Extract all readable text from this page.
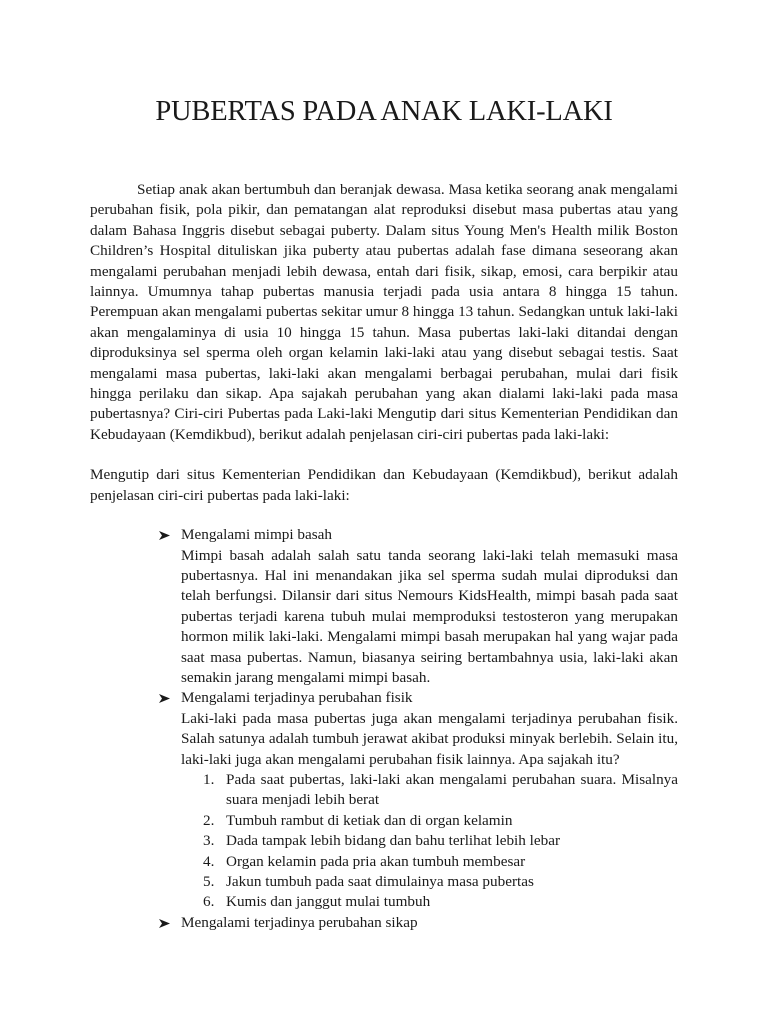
PUBERTAS PADA ANAK LAKI-LAKI

Setiap anak akan bertumbuh dan beranjak dewasa. Masa ketika seorang anak mengalami perubahan fisik, pola pikir, dan pematangan alat reproduksi disebut masa pubertas atau yang dalam Bahasa Inggris disebut sebagai puberty. Dalam situs Young Men's Health milik Boston Children’s Hospital dituliskan jika puberty atau pubertas adalah fase dimana seseorang akan mengalami perubahan menjadi lebih dewasa, entah dari fisik, sikap, emosi, cara berpikir atau lainnya. Umumnya tahap pubertas manusia terjadi pada usia antara 8 hingga 15 tahun. Perempuan akan mengalami pubertas sekitar umur 8 hingga 13 tahun. Sedangkan untuk laki-laki akan mengalaminya di usia 10 hingga 15 tahun. Masa pubertas laki-laki ditandai dengan diproduksinya sel sperma oleh organ kelamin laki-laki atau yang disebut sebagai testis. Saat mengalami masa pubertas, laki-laki akan mengalami berbagai perubahan, mulai dari fisik hingga perilaku dan sikap. Apa sajakah perubahan yang akan dialami laki-laki pada masa pubertasnya? Ciri-ciri Pubertas pada Laki-laki Mengutip dari situs Kementerian Pendidikan dan Kebudayaan (Kemdikbud), berikut adalah penjelasan ciri-ciri pubertas pada laki-laki:

Mengutip dari situs Kementerian Pendidikan dan Kebudayaan (Kemdikbud), berikut adalah penjelasan ciri-ciri pubertas pada laki-laki:

Mengalami mimpi basah
Mimpi basah adalah salah satu tanda seorang laki-laki telah memasuki masa pubertasnya. Hal ini menandakan jika sel sperma sudah mulai diproduksi dan telah berfungsi. Dilansir dari situs Nemours KidsHealth, mimpi basah pada saat pubertas terjadi karena tubuh mulai memproduksi testosteron yang merupakan hormon milik laki-laki. Mengalami mimpi basah merupakan hal yang wajar pada saat masa pubertas. Namun, biasanya seiring bertambahnya usia, laki-laki akan semakin jarang mengalami mimpi basah.
Mengalami terjadinya perubahan fisik
Laki-laki pada masa pubertas juga akan mengalami terjadinya perubahan fisik. Salah satunya adalah tumbuh jerawat akibat produksi minyak berlebih. Selain itu, laki-laki juga akan mengalami perubahan fisik lainnya. Apa sajakah itu?
1. Pada saat pubertas, laki-laki akan mengalami perubahan suara. Misalnya suara menjadi lebih berat
2. Tumbuh rambut di ketiak dan di organ kelamin
3. Dada tampak lebih bidang dan bahu terlihat lebih lebar
4. Organ kelamin pada pria akan tumbuh membesar
5. Jakun tumbuh pada saat dimulainya masa pubertas
6. Kumis dan janggut mulai tumbuh
Mengalami terjadinya perubahan sikap
